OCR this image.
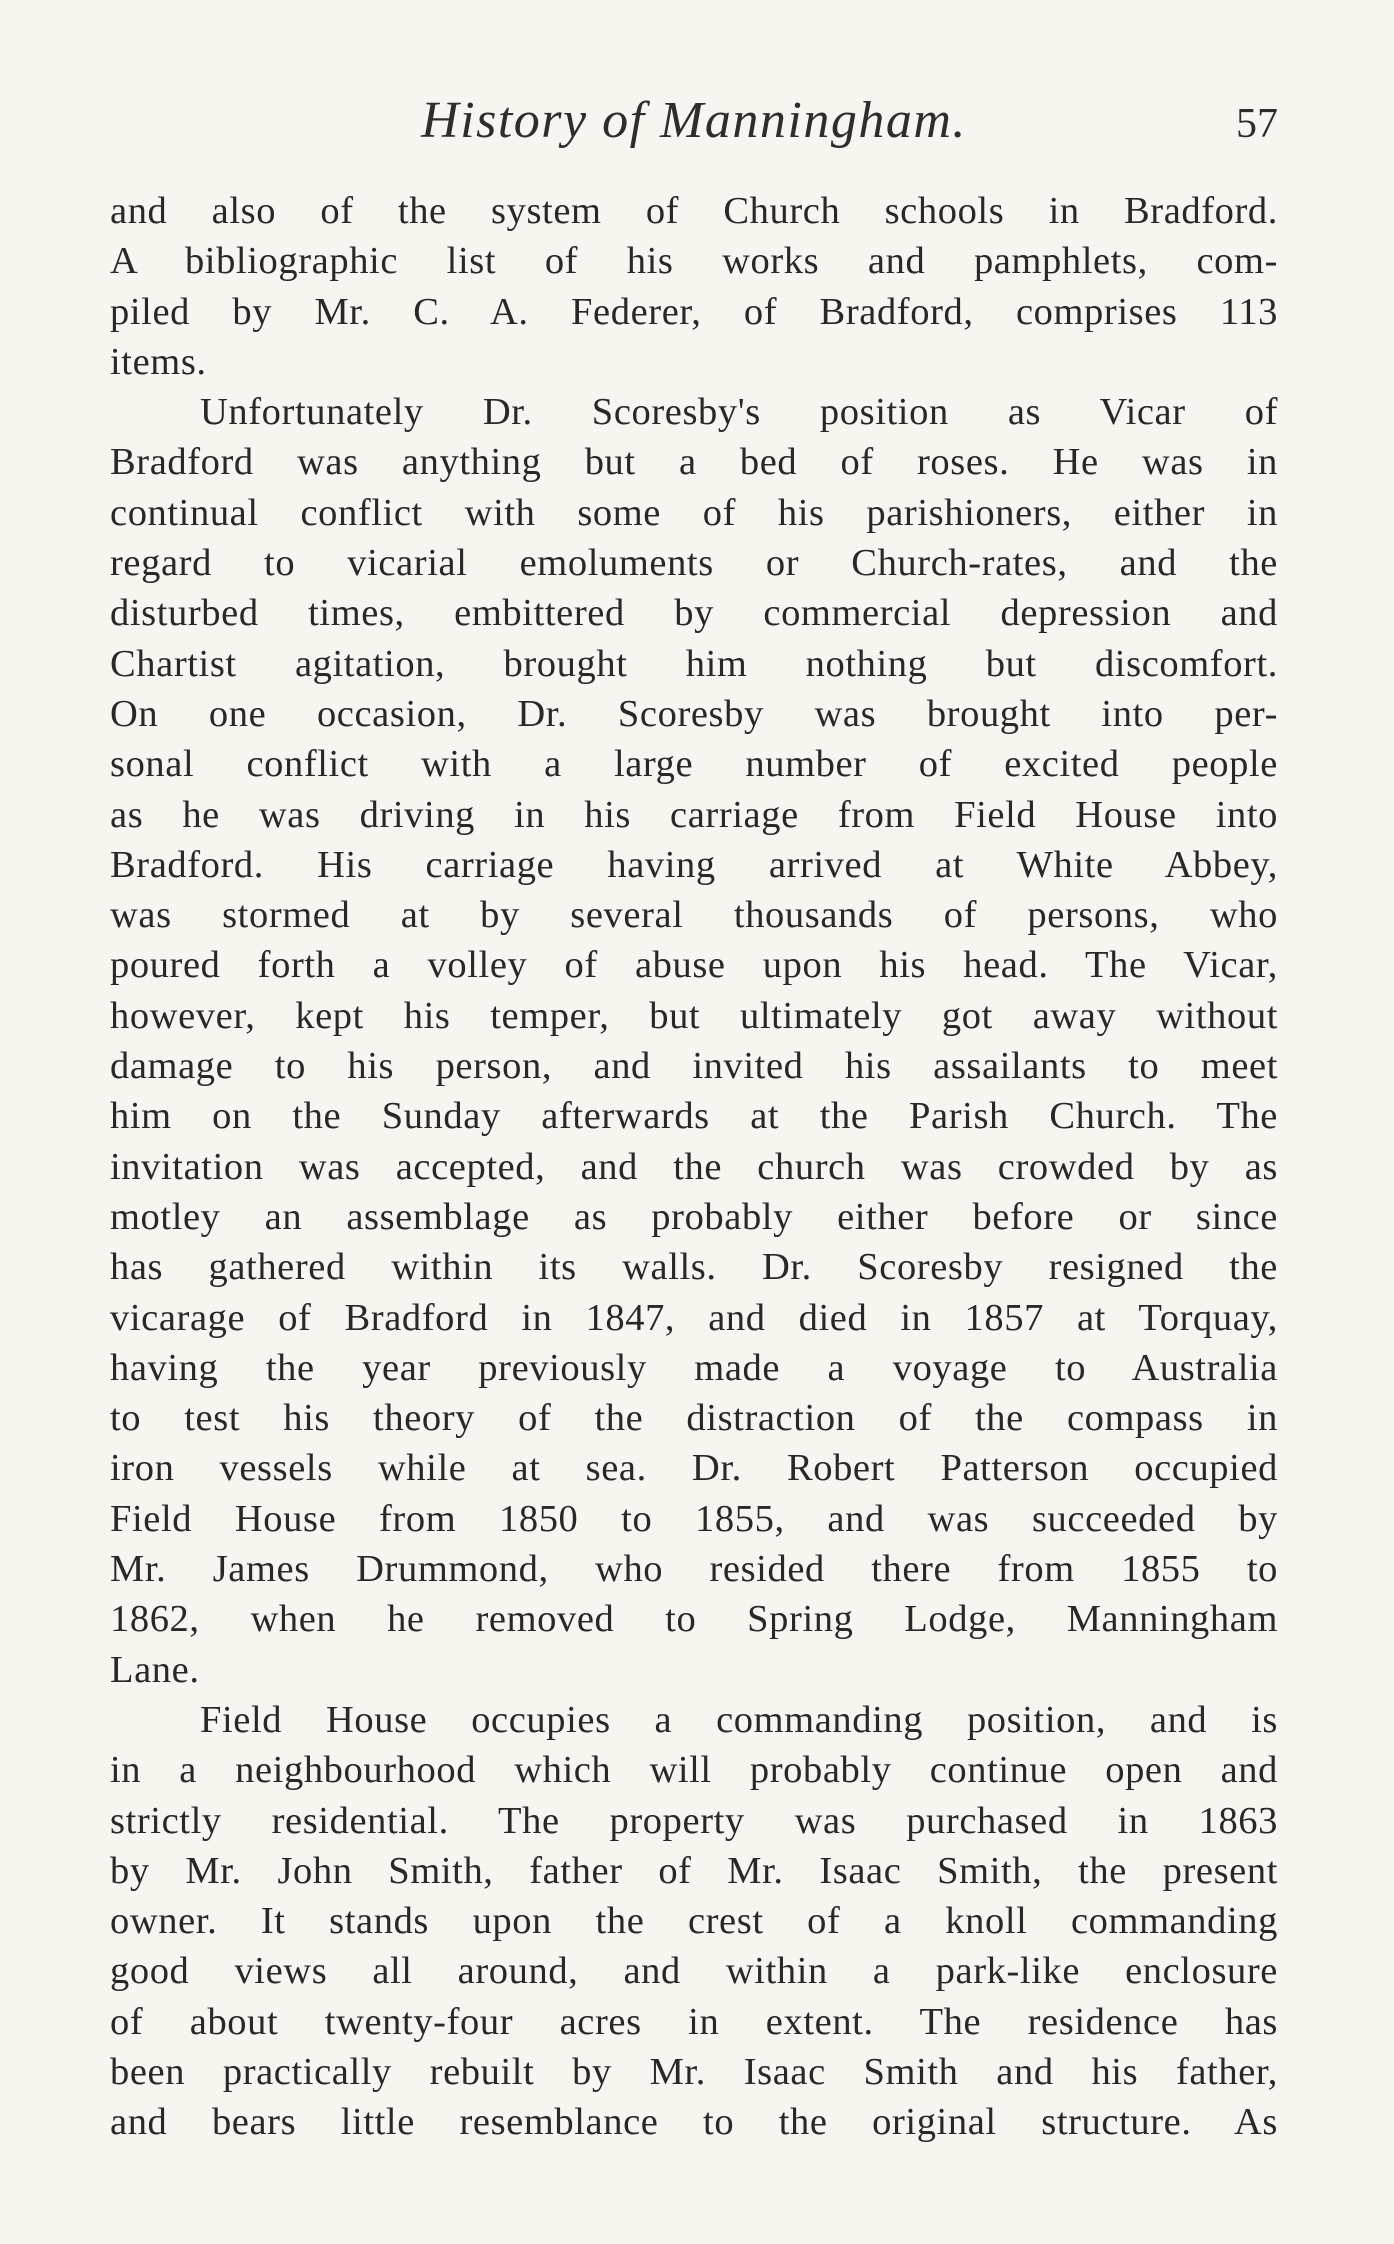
History of Manningham.	57
and also of the system of Church schools in Bradford.
A bibliographic list of his works and pamphlets, com-
piled by Mr. C. A. Federer, of Bradford, comprises 113
items.
Unfortunately Dr. Scoresby's position as Vicar of
Bradford was anything but a bed of roses. He was in
continual conflict with some of his parishioners, either in
regard to vicarial emoluments or Church-rates, and the
disturbed times, embittered by commercial depression and
Chartist agitation, brought him nothing but discomfort.
On one occasion, Dr. Scoresby was brought into per-
sonal conflict with a large number of excited people
as he was driving in his carriage from Field House into
Bradford. His carriage having arrived at White Abbey,
was stormed at by several thousands of persons, who
poured forth a volley of abuse upon his head. The Vicar,
however, kept his temper, but ultimately got away without
damage to his person, and invited his assailants to meet
him on the Sunday afterwards at the Parish Church. The
invitation was accepted, and the church was crowded by as
motley an assemblage as probably either before or since
has gathered within its walls. Dr. Scoresby resigned the
vicarage of Bradford in 1847, and died in 1857 at Torquay,
having the year previously made a voyage to Australia
to test his theory of the distraction of the compass in
iron vessels while at sea. Dr. Robert Patterson occupied
Field House from 1850 to 1855, and was succeeded by
Mr. James Drummond, who resided there from 1855 to
1862, when he removed to Spring Lodge, Manningham
Lane.
Field House occupies a commanding position, and is
in a neighbourhood which will probably continue open and
strictly residential. The property was purchased in 1863
by Mr. John Smith, father of Mr. Isaac Smith, the present
owner. It stands upon the crest of a knoll commanding
good views all around, and within a park-like enclosure
of about twenty-four acres in extent. The residence has
been practically rebuilt by Mr. Isaac Smith and his father,
and bears little resemblance to the original structure. As
